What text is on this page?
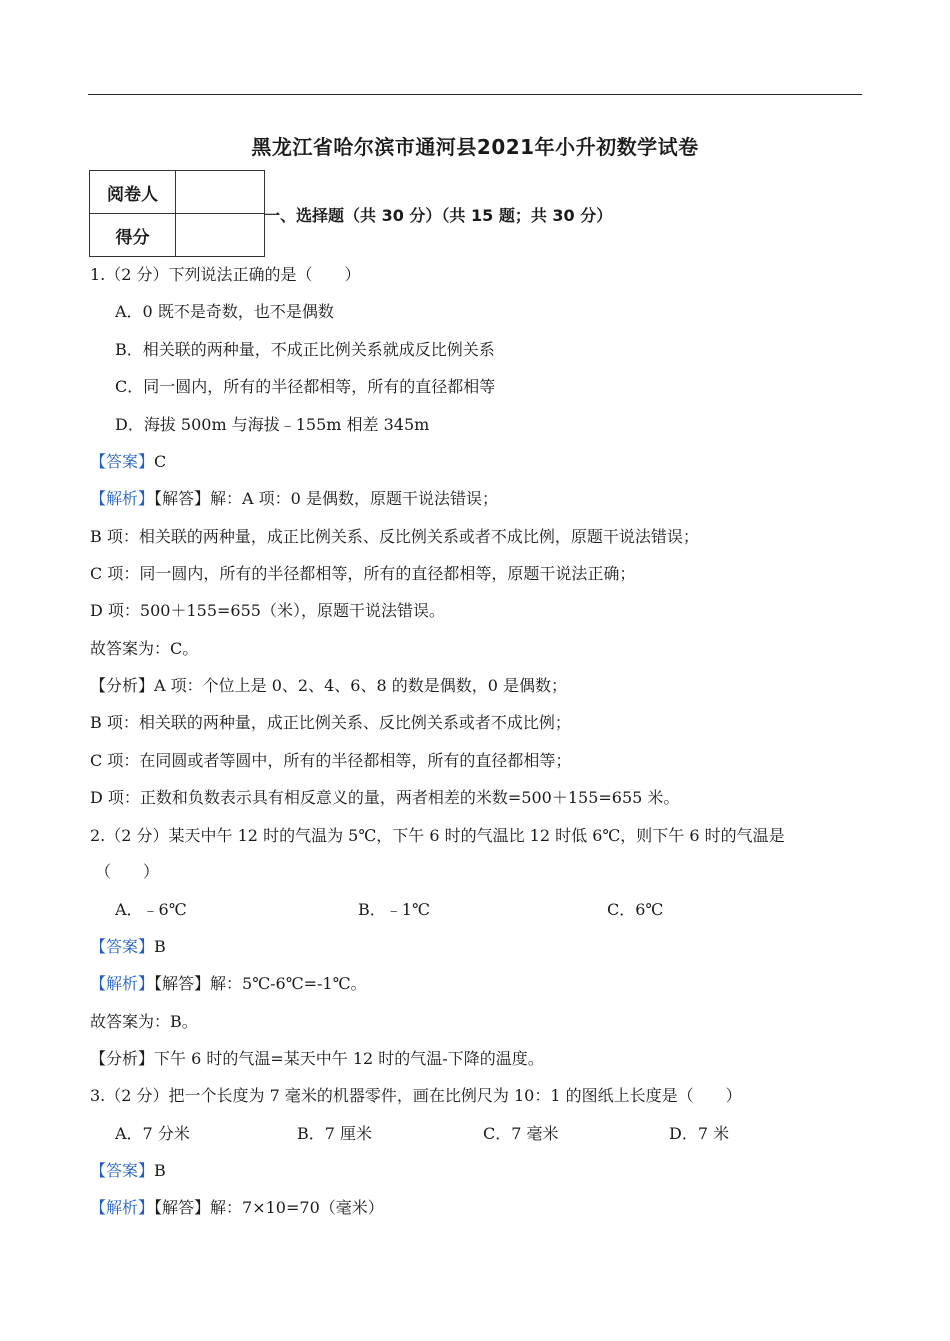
黑龙江省哈尔滨市通河县2021年小升初数学试卷
阅卷人	
得分	
一、选择题（共 30 分）（共 15 题；共 30 分）
1.（2 分）下列说法正确的是（　　）
A．0 既不是奇数，也不是偶数
B．相关联的两种量，不成正比例关系就成反比例关系
C．同一圆内，所有的半径都相等，所有的直径都相等
D．海拔 500m 与海拔﹣155m 相差 345m
【答案】C
【解析】【解答】解：A 项：0 是偶数，原题干说法错误；
B 项：相关联的两种量，成正比例关系、反比例关系或者不成比例，原题干说法错误；
C 项：同一圆内，所有的半径都相等，所有的直径都相等，原题干说法正确；
D 项：500＋155=655（米），原题干说法错误。
故答案为：C。
【分析】A 项：个位上是 0、2、4、6、8 的数是偶数，0 是偶数；
B 项：相关联的两种量，成正比例关系、反比例关系或者不成比例；
C 项：在同圆或者等圆中，所有的半径都相等，所有的直径都相等；
D 项：正数和负数表示具有相反意义的量，两者相差的米数=500＋155=655 米。
2.（2 分）某天中午 12 时的气温为 5℃，下午 6 时的气温比 12 时低 6℃，则下午 6 时的气温是
（　　）
A．﹣6℃	B．﹣1℃	C．6℃
【答案】B
【解析】【解答】解：5℃-6℃=-1℃。
故答案为：B。
【分析】下午 6 时的气温=某天中午 12 时的气温-下降的温度。
3.（2 分）把一个长度为 7 毫米的机器零件，画在比例尺为 10：1 的图纸上长度是（　　）
A．7 分米	B．7 厘米	C．7 毫米	D．7 米
【答案】B
【解析】【解答】解：7×10=70（毫米）
